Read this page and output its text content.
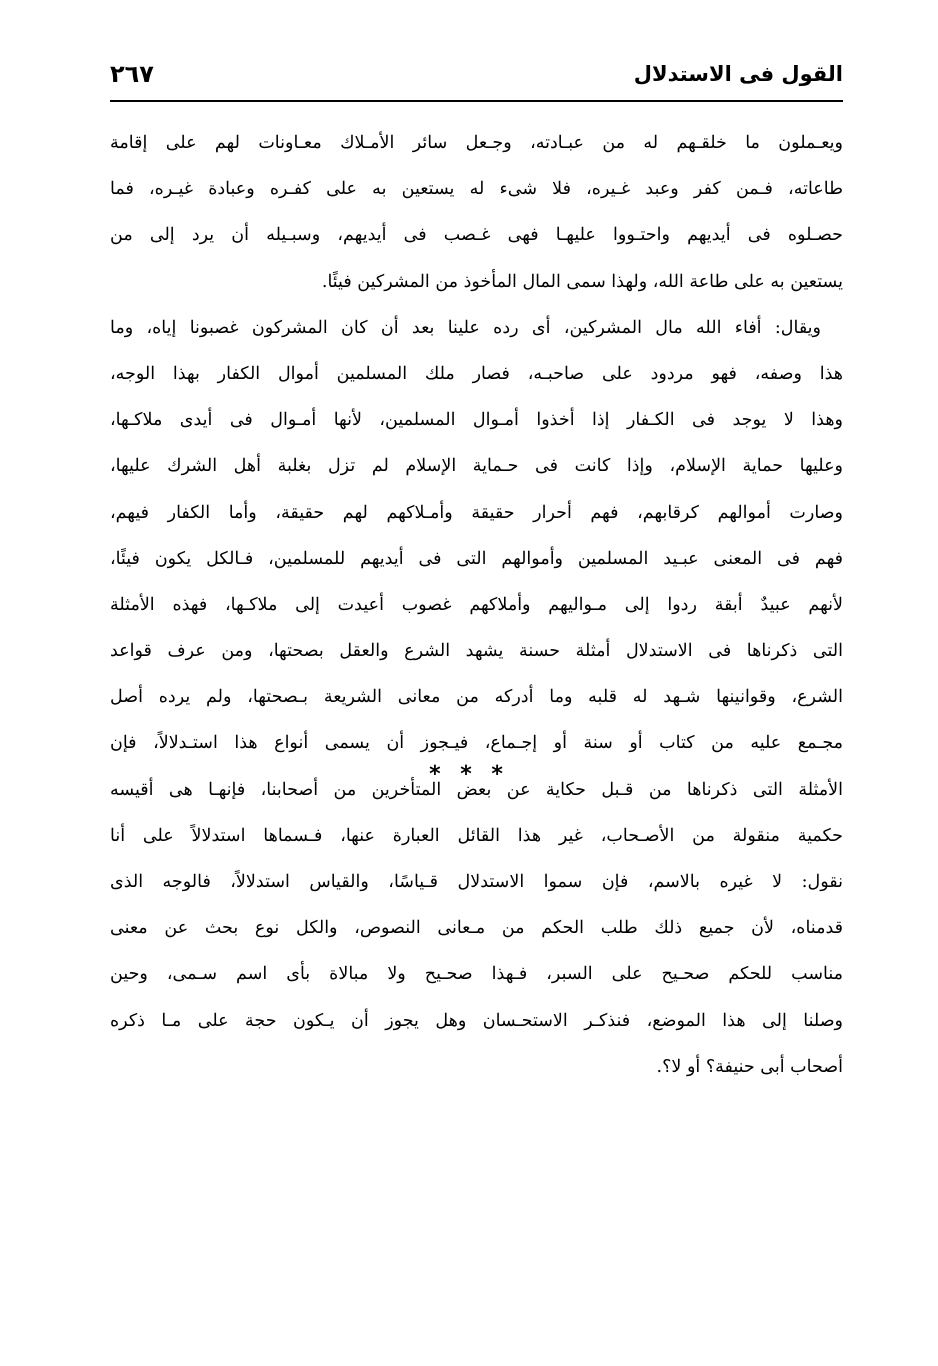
القول فى الاستدلال
٢٦٧
ويعـملون ما خلقـهم له من عبـادته، وجـعل سائر الأمـلاك معـاونات لهم على إقامة
طاعاته، فـمن كفر وعبد غـيره، فلا شىء له يستعين به على كفـره وعبادة غيـره، فما
حصـلوه فى أيديهم واحتـووا عليهـا فهى غـصب فى أيديهم، وسبـيله أن يرد إلى من
يستعين به على طاعة الله، ولهذا سمى المال المأخوذ من المشركين فيئًا.
ويقال: أفاء الله مال المشركين، أى رده علينا بعد أن كان المشركون غصبونا إياه، وما
هذا وصفه، فهو مردود على صاحبـه، فصار ملك المسلمين أموال الكفار بهذا الوجه،
وهذا لا يوجد فى الكـفار إذا أخذوا أمـوال المسلمين، لأنها أمـوال فى أيدى ملاكـها،
وعليها حماية الإسلام، وإذا كانت فى حـماية الإسلام لم تزل بغلبة أهل الشرك عليها،
وصارت أموالهم كرقابهم، فهم أحرار حقيقة وأمـلاكهم لهم حقيقة، وأما الكفار فيهم،
فهم فى المعنى عبـيد المسلمين وأموالهم التى فى أيديهم للمسلمين، فـالكل يكون فيئًا،
لأنهم عبيدٌ أبقة ردوا إلى مـواليهم وأملاكهم غصوب أعيدت إلى ملاكـها، فهذه الأمثلة
التى ذكرناها فى الاستدلال أمثلة حسنة يشهد الشرع والعقل بصحتها، ومن عرف قواعد
الشرع، وقوانينها شـهد له قلبه وما أدركه من معانى الشريعة بـصحتها، ولم يرده أصل
مجـمع عليه من كتاب أو سنة أو إجـماع، فيـجوز أن يسمى أنواع هذا استـدلالاً، فإن
الأمثلة التى ذكرناها من قـبل حكاية عن بعض المتأخرين من أصحابنا، فإنهـا هى أقيسه
حكمية منقولة من الأصـحاب، غير هذا القائل العبارة عنها، فـسماها استدلالاً على أنا
نقول: لا غيره بالاسم، فإن سموا الاستدلال قـياسًا، والقياس استدلالاً، فالوجه الذى
قدمناه، لأن جميع ذلك طلب الحكم من مـعانى النصوص، والكل نوع بحث عن معنى
مناسب للحكم صحـيح على السبر، فـهذا صحـيح ولا مبالاة بأى اسم سـمى، وحين
وصلنا إلى هذا الموضع، فنذكـر الاستحـسان وهل يجوز أن يـكون حجة على مـا ذكره
أصحاب أبى حنيفة؟ أو لا؟.
* * *
